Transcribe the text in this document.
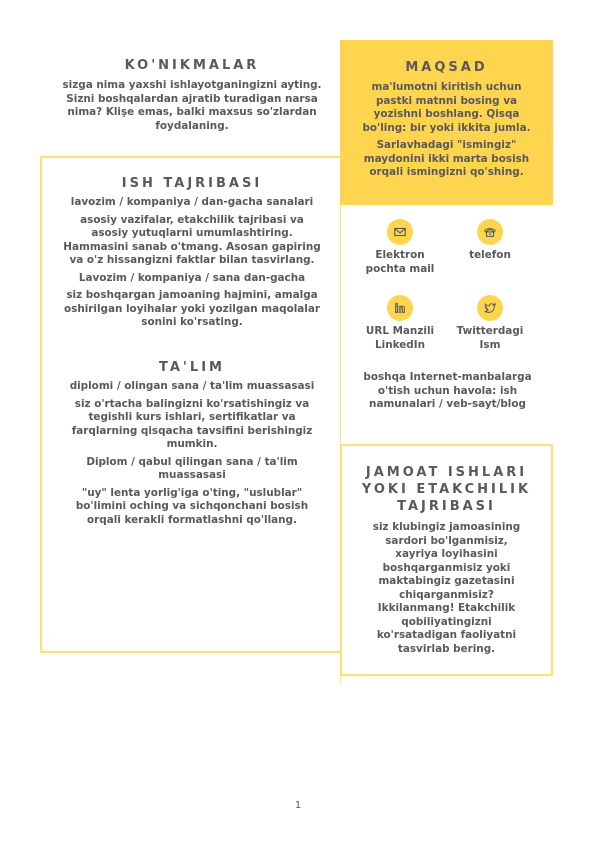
KO'NIKMALAR

sizga nima yaxshi ishlayotganingizni ayting. Sizni boshqalardan ajratib turadigan narsa nima? Klişe emas, balki maxsus so'zlardan foydalaning.

MAQSAD

ma'lumotni kiritish uchun pastki matnni bosing va yozishni boshlang. Qisqa bo'ling: bir yoki ikkita jumla.

Sarlavhadagi "ismingiz" maydonini ikki marta bosish orqali ismingizni qo'shing.

ISH TAJRIBASI

lavozim / kompaniya / dan-gacha sanalari

asosiy vazifalar, etakchilik tajribasi va asosiy yutuqlarni umumlashtiring. Hammasini sanab o'tmang. Asosan gapiring va o'z hissangizni faktlar bilan tasvirlang.

Lavozim / kompaniya / sana dan-gacha

siz boshqargan jamoaning hajmini, amalga oshirilgan loyihalar yoki yozilgan maqolalar sonini ko'rsating.

TA'LIM

diplomi / olingan sana / ta'lim muassasasi

siz o'rtacha balingizni ko'rsatishingiz va tegishli kurs ishlari, sertifikatlar va farqlarning qisqacha tavsifini berishingiz mumkin.

Diplom / qabul qilingan sana / ta'lim muassasasi

"uy" lenta yorlig'iga o'ting, "uslublar" bo'limini oching va sichqonchani bosish orqali kerakli formatlashni qo'llang.

Elektron pochta mail

telefon

URL Manzili LinkedIn

Twitterdagi Ism

boshqa Internet-manbalarga o'tish uchun havola: ish namunalari / veb-sayt/blog

JAMOAT ISHLARI YOKI ETAKCHILIK TAJRIBASI

siz klubingiz jamoasining sardori bo'lganmisiz, xayriya loyihasini boshqarganmisiz yoki maktabingiz gazetasini chiqarganmisiz? Ikkilanmang! Etakchilik qobiliyatingizni ko'rsatadigan faoliyatni tasvirlab bering.

1
